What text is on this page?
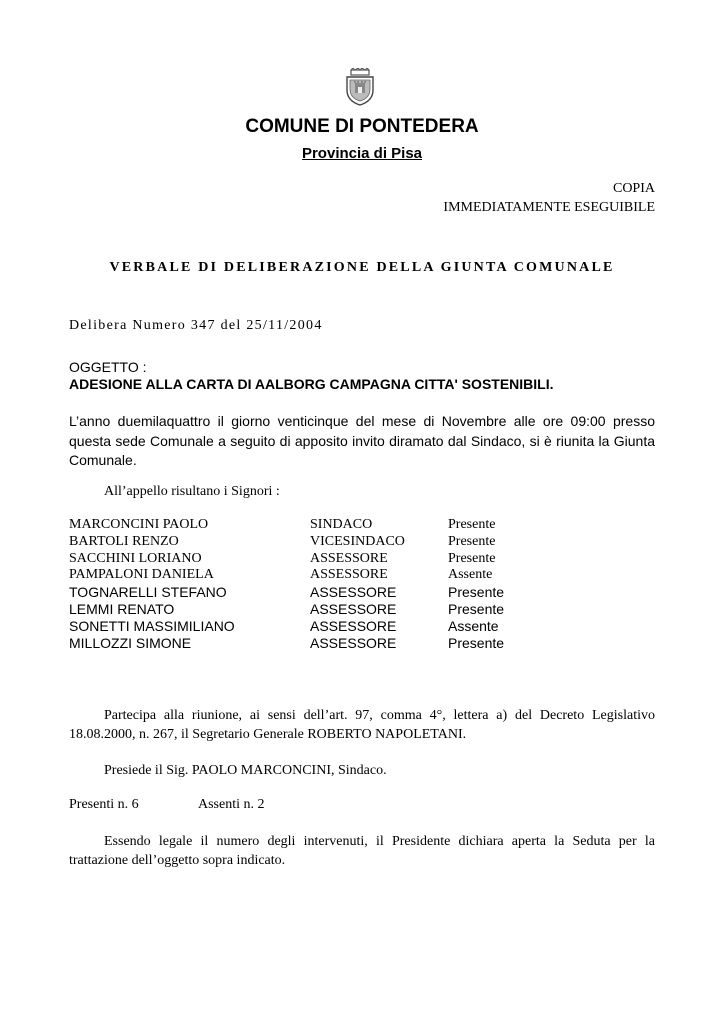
COMUNE DI PONTEDERA
Provincia di Pisa
COPIA
IMMEDIATAMENTE ESEGUIBILE
VERBALE DI DELIBERAZIONE DELLA GIUNTA COMUNALE
Delibera Numero 347 del 25/11/2004
OGGETTO :
ADESIONE ALLA CARTA DI AALBORG CAMPAGNA CITTA' SOSTENIBILI.
L’anno duemilaquattro il giorno venticinque del mese di Novembre alle ore 09:00 presso questa sede Comunale a seguito di apposito invito diramato dal Sindaco, si è riunita la Giunta Comunale.
All’appello risultano i Signori :
MARCONCINI PAOLO	SINDACO	Presente
BARTOLI RENZO	VICESINDACO	Presente
SACCHINI LORIANO	ASSESSORE	Presente
PAMPALONI DANIELA	ASSESSORE	Assente
TOGNARELLI STEFANO	ASSESSORE	Presente
LEMMI RENATO	ASSESSORE	Presente
SONETTI MASSIMILIANO	ASSESSORE	Assente
MILLOZZI SIMONE	ASSESSORE	Presente
Partecipa alla riunione, ai sensi dell’art. 97, comma 4°, lettera a) del Decreto Legislativo 18.08.2000, n. 267, il Segretario Generale ROBERTO NAPOLETANI.
Presiede il Sig. PAOLO MARCONCINI, Sindaco.
Presenti n. 6	Assenti n. 2
Essendo legale il numero degli intervenuti, il Presidente dichiara aperta la Seduta per la trattazione dell’oggetto sopra indicato.
